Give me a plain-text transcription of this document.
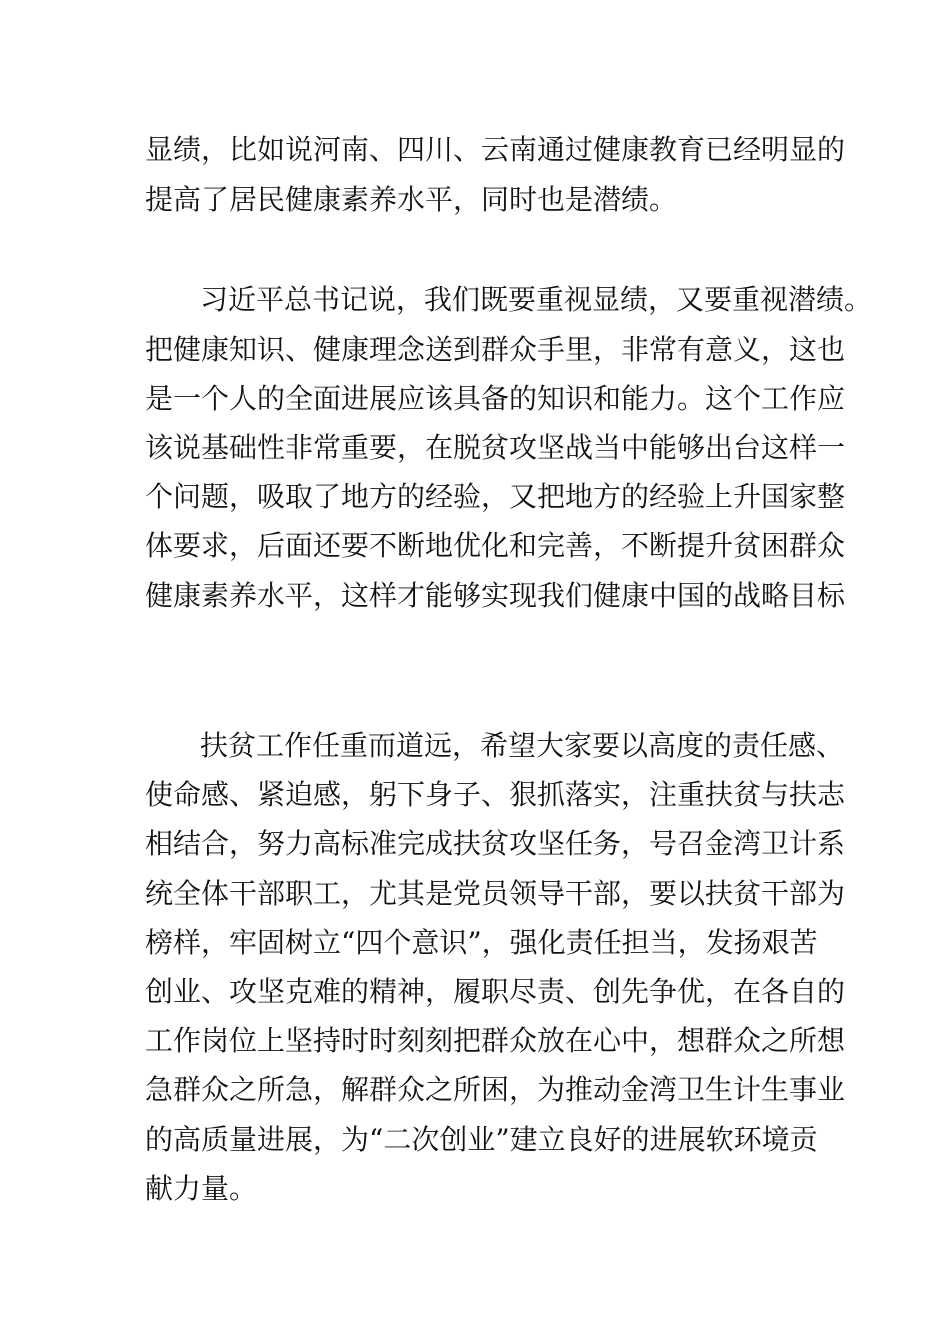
显绩，比如说河南、四川、云南通过健康教育已经明显的
提高了居民健康素养水平，同时也是潜绩。
习近平总书记说，我们既要重视显绩，又要重视潜绩。
把健康知识、健康理念送到群众手里，非常有意义，这也
是一个人的全面进展应该具备的知识和能力。这个工作应
该说基础性非常重要，在脱贫攻坚战当中能够出台这样一
个问题，吸取了地方的经验，又把地方的经验上升国家整
体要求，后面还要不断地优化和完善，不断提升贫困群众
健康素养水平，这样才能够实现我们健康中国的战略目标
扶贫工作任重而道远，希望大家要以高度的责任感、
使命感、紧迫感，躬下身子、狠抓落实，注重扶贫与扶志
相结合，努力高标准完成扶贫攻坚任务，号召金湾卫计系
统全体干部职工，尤其是党员领导干部，要以扶贫干部为
榜样，牢固树立“四个意识”，强化责任担当，发扬艰苦
创业、攻坚克难的精神，履职尽责、创先争优，在各自的
工作岗位上坚持时时刻刻把群众放在心中，想群众之所想
急群众之所急，解群众之所困，为推动金湾卫生计生事业
的高质量进展，为“二次创业”建立良好的进展软环境贡
献力量。
